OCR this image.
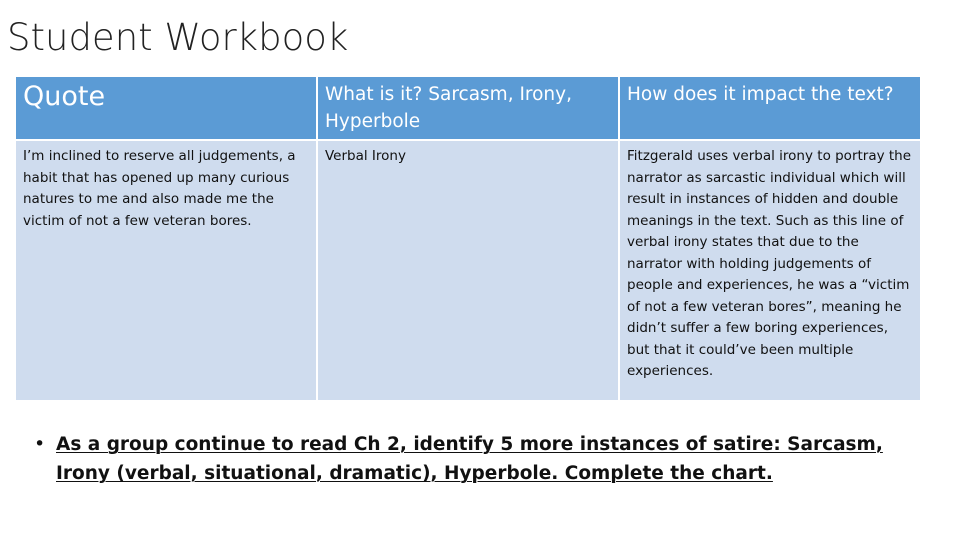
Student Workbook
Quote	What is it? Sarcasm, Irony, Hyperbole	How does it impact the text?
I’m inclined to reserve all judgements, a habit that has opened up many curious natures to me and also made me the victim of not a few veteran bores.	Verbal Irony	Fitzgerald uses verbal irony to portray the narrator as sarcastic individual which will result in instances of hidden and double meanings in the text. Such as this line of verbal irony states that due to the narrator with holding judgements of people and experiences, he was a “victim of not a few veteran bores”, meaning he didn’t suffer a few boring experiences, but that it could’ve been multiple experiences.
• As a group continue to read Ch 2, identify 5 more instances of satire: Sarcasm, Irony (verbal, situational, dramatic), Hyperbole. Complete the chart.
